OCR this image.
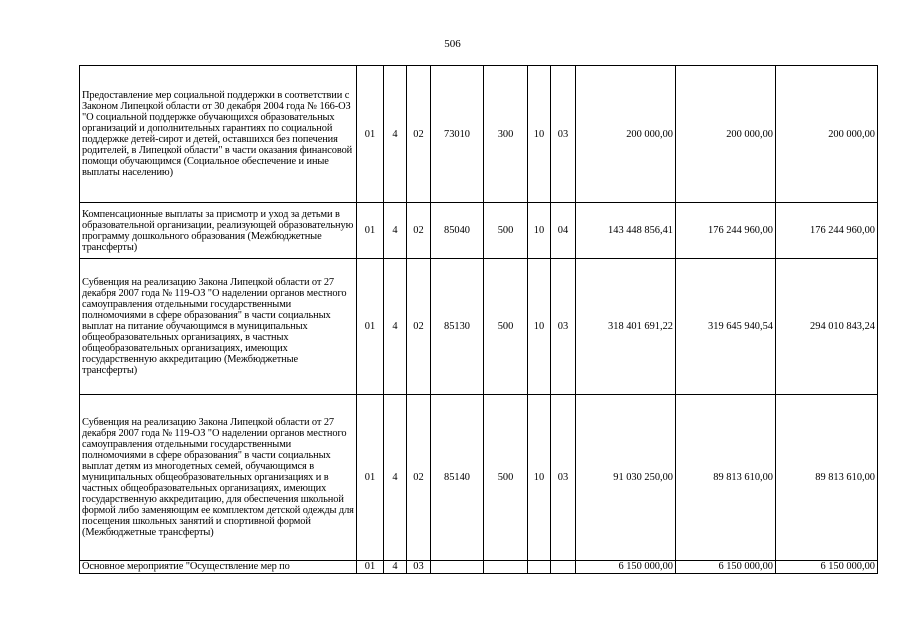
506
Предоставление мер социальной поддержки в соответствии с Законом Липецкой области от 30 декабря 2004 года № 166-ОЗ "О социальной поддержке обучающихся образовательных организаций и дополнительных гарантиях по социальной поддержке детей-сирот и детей, оставшихся без попечения родителей, в Липецкой области" в части оказания финансовой помощи обучающимся (Социальное обеспечение и иные выплаты населению)	01	4	02	73010	300	10	03	200 000,00	200 000,00	200 000,00
Компенсационные выплаты за присмотр и уход за детьми в образовательной организации, реализующей образовательную программу дошкольного образования (Межбюджетные трансферты)	01	4	02	85040	500	10	04	143 448 856,41	176 244 960,00	176 244 960,00
Субвенция на реализацию Закона Липецкой области от 27 декабря 2007 года № 119-ОЗ "О наделении органов местного самоуправления отдельными государственными полномочиями в сфере образования" в части социальных выплат на питание обучающимся в муниципальных общеобразовательных организациях, в частных общеобразовательных организациях, имеющих государственную аккредитацию (Межбюджетные трансферты)	01	4	02	85130	500	10	03	318 401 691,22	319 645 940,54	294 010 843,24
Субвенция на реализацию Закона Липецкой области от 27 декабря 2007 года № 119-ОЗ "О наделении органов местного самоуправления отдельными государственными полномочиями в сфере образования" в части социальных выплат детям из многодетных семей, обучающимся в муниципальных общеобразовательных организациях и в частных общеобразовательных организациях, имеющих государственную аккредитацию, для обеспечения школьной формой либо заменяющим ее комплектом детской одежды для посещения школьных занятий и спортивной формой (Межбюджетные трансферты)	01	4	02	85140	500	10	03	91 030 250,00	89 813 610,00	89 813 610,00
Основное мероприятие "Осуществление мер по	01	4	03					6 150 000,00	6 150 000,00	6 150 000,00
